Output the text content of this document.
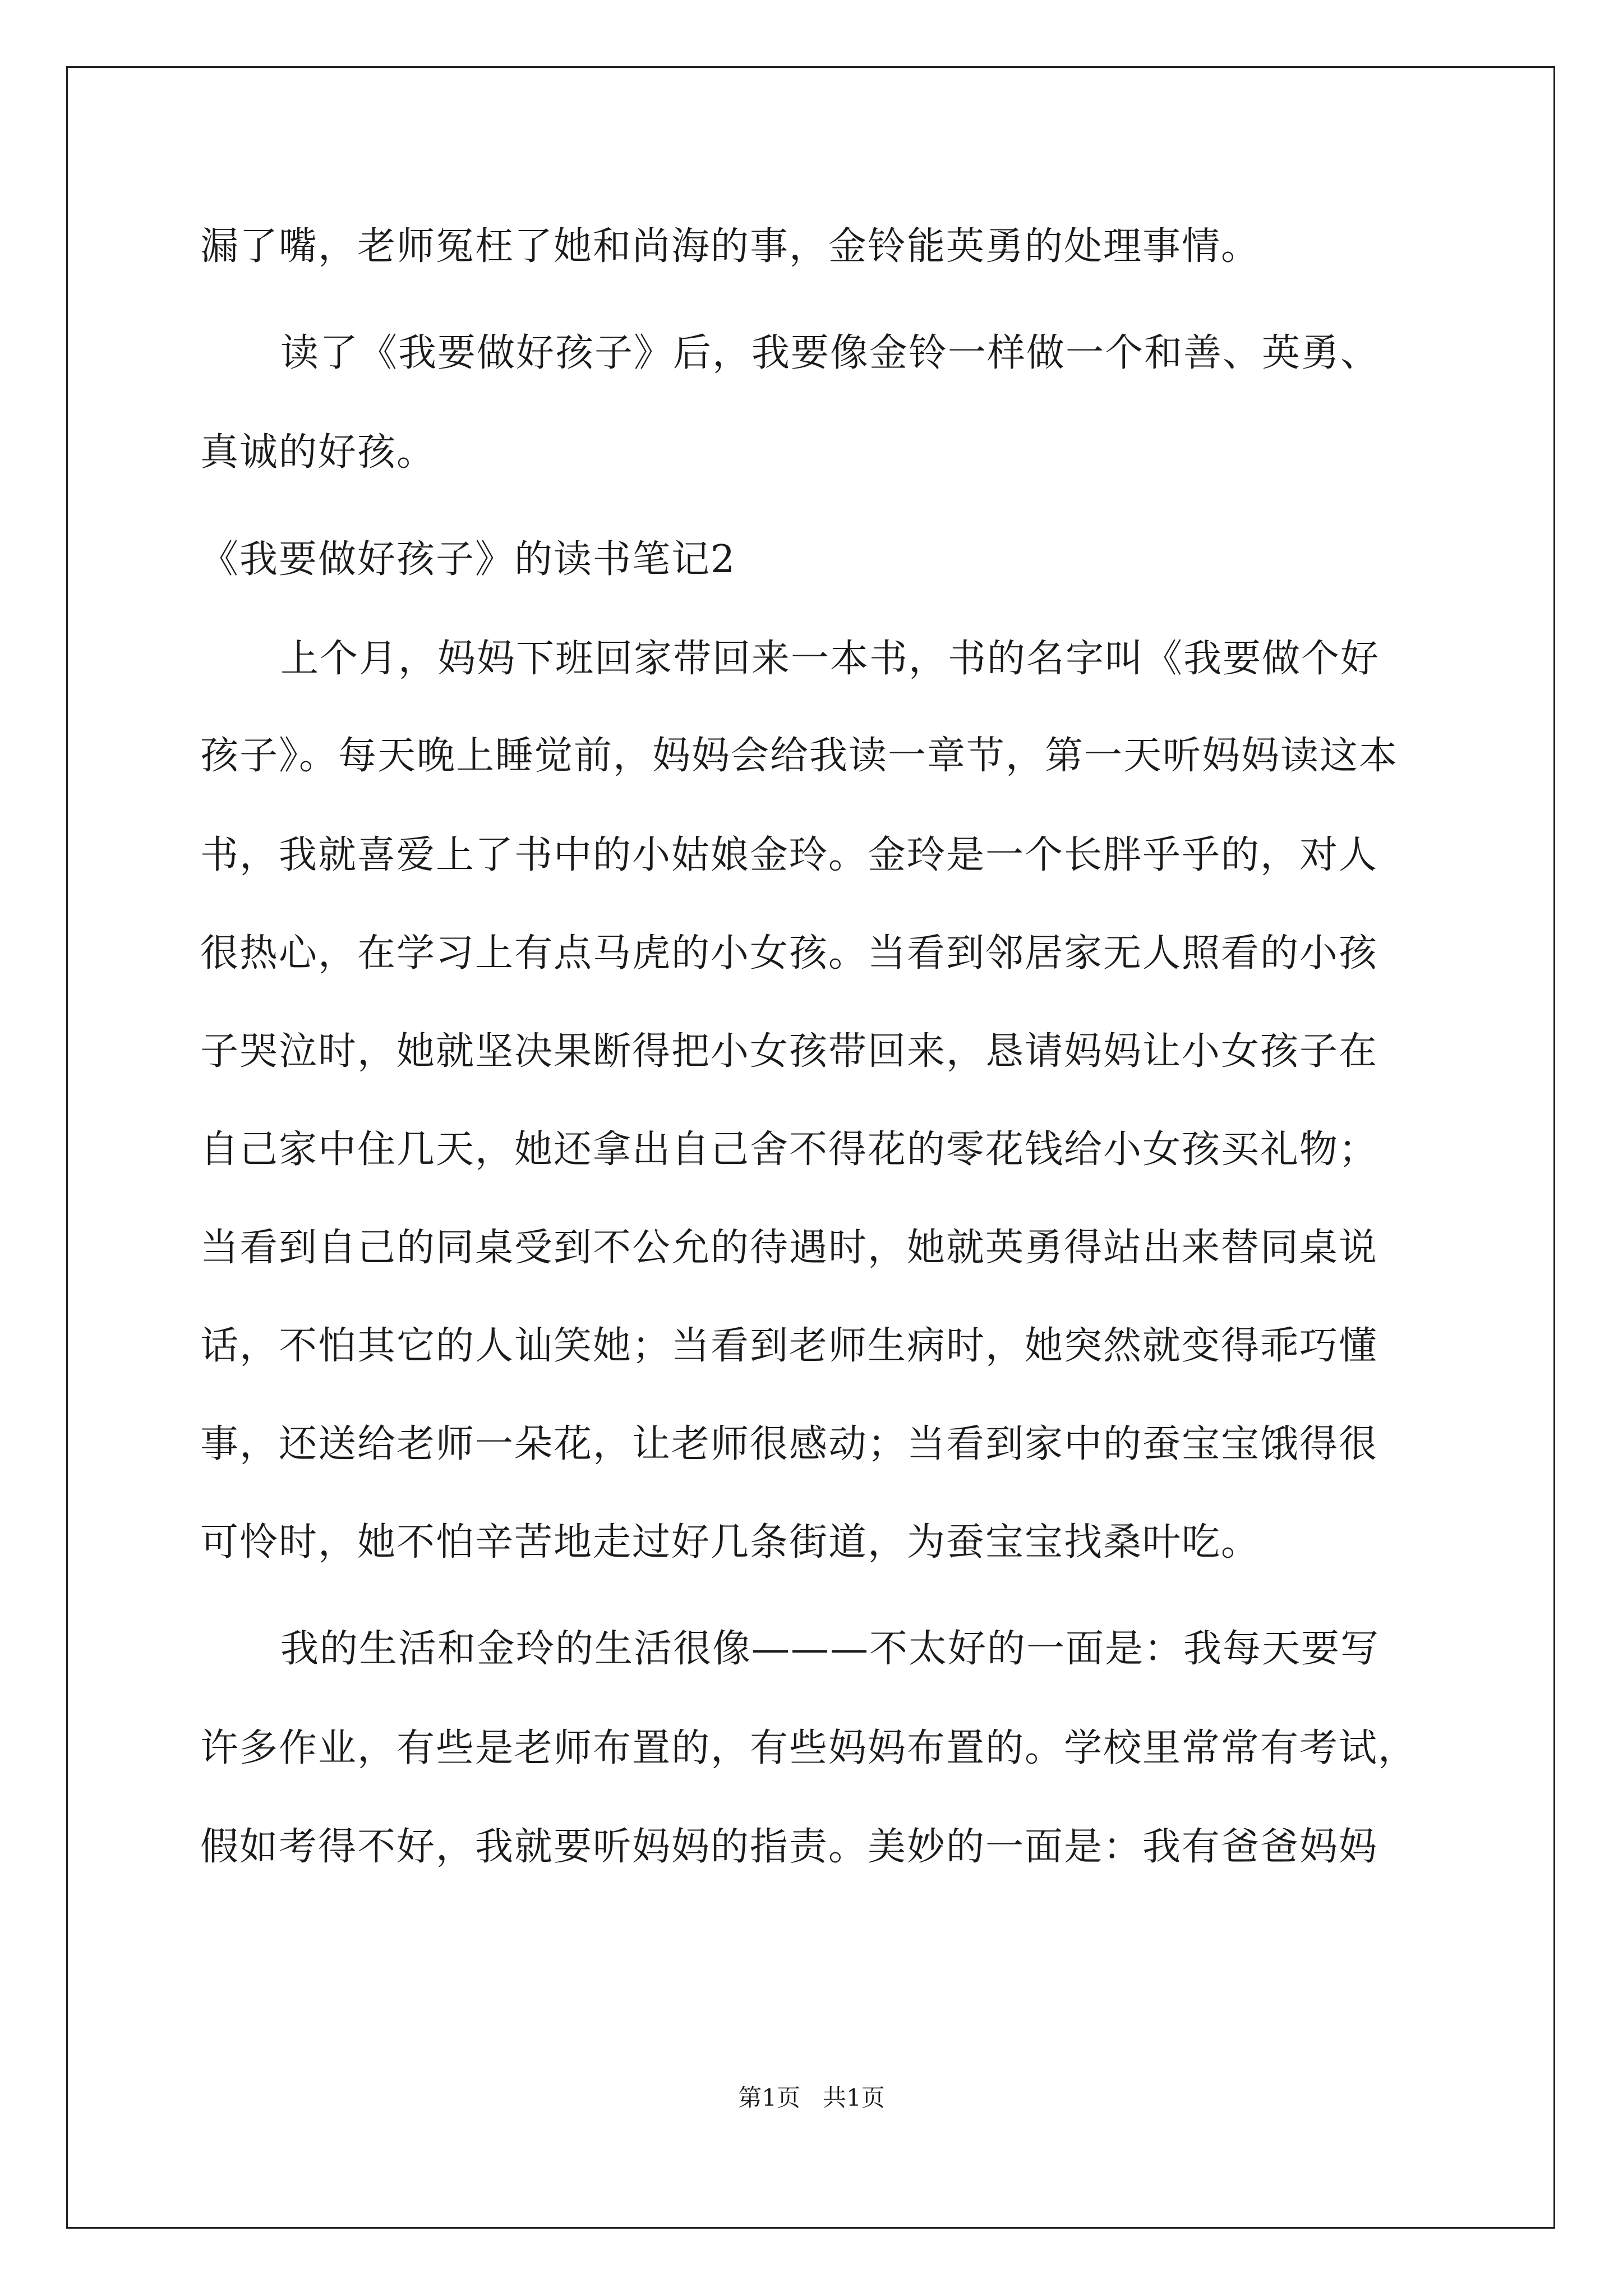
漏了嘴，老师冤枉了她和尚海的事，金铃能英勇的处理事情。
读了《我要做好孩子》后，我要像金铃一样做一个和善、英勇、
真诚的好孩。
《我要做好孩子》的读书笔记2
上个月，妈妈下班回家带回来一本书，书的名字叫《我要做个好
孩子》。每天晚上睡觉前，妈妈会给我读一章节，第一天听妈妈读这本
书，我就喜爱上了书中的小姑娘金玲。金玲是一个长胖乎乎的，对人
很热心，在学习上有点马虎的小女孩。当看到邻居家无人照看的小孩
子哭泣时，她就坚决果断得把小女孩带回来，恳请妈妈让小女孩子在
自己家中住几天，她还拿出自己舍不得花的零花钱给小女孩买礼物；
当看到自己的同桌受到不公允的待遇时，她就英勇得站出来替同桌说
话，不怕其它的人讪笑她；当看到老师生病时，她突然就变得乖巧懂
事，还送给老师一朵花，让老师很感动；当看到家中的蚕宝宝饿得很
可怜时，她不怕辛苦地走过好几条街道，为蚕宝宝找桑叶吃。
我的生活和金玲的生活很像———不太好的一面是：我每天要写
许多作业，有些是老师布置的，有些妈妈布置的。学校里常常有考试，
假如考得不好，我就要听妈妈的指责。美妙的一面是：我有爸爸妈妈
第1页   共1页
